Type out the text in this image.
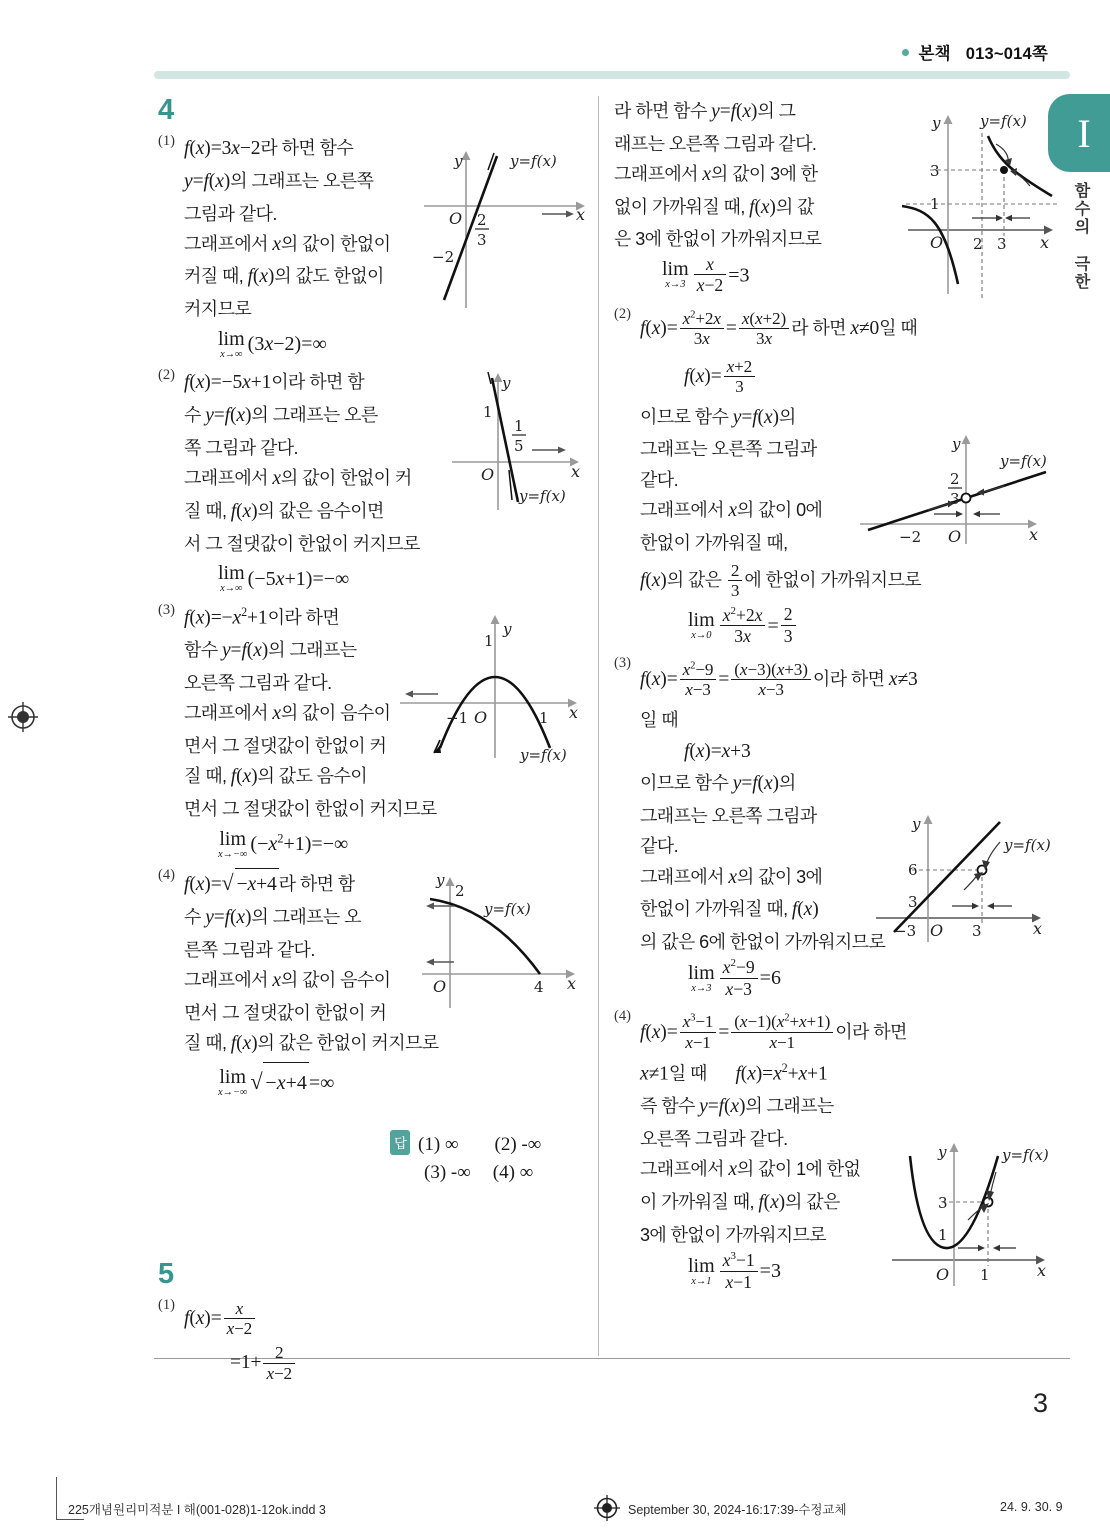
본책 013~014쪽
I
함수의 극한
3
4
(1) f(x)=3x−2라 하면 함수
y=f(x)의 그래프는 오른쪽
그림과 같다.
그래프에서 x의 값이 한없이
커질 때, f(x)의 값도 한없이
커지므로
lim
x→∞ (3x−2)=∞
(2) f(x)=−5x+1이라 하면 함
수 y=f(x)의 그래프는 오른
쪽 그림과 같다.
그래프에서 x의 값이 한없이 커
질 때, f(x)의 값은 음수이면
서 그 절댓값이 한없이 커지므로
lim
x→∞ (−5x+1)=−∞
(3) $f(x)=-x^2+1$이라 하면
함수 y=f(x)의 그래프는
오른쪽 그림과 같다.
그래프에서 x의 값이 음수이
면서 그 절댓값이 한없이 커
질 때, f(x)의 값도 음수이
면서 그 절댓값이 한없이 커지므로
lim
x→−∞ $(-x^2+1)=-\infty$
(4) f(x)= √ −x+4 라 하면 함
수 y=f(x)의 그래프는 오
른쪽 그림과 같다.
그래프에서 x의 값이 음수이
면서 그 절댓값이 한없이 커
질 때, f(x)의 값은 한없이 커지므로
lim
x→−∞ √ −x+4 =∞
답 (1) ∞ (2) -∞
(3) -∞ (4) ∞
5
(1)
$f(x)= \frac{x}{x-2}$
$=1+ \frac{2}{x-2}$
라 하면 함수 y=f(x)의 그
래프는 오른쪽 그림과 같다.
그래프에서 x의 값이 3에 한
없이 가까워질 때, f(x)의 값
은 3에 한없이 가까워지므로
lim
$x\to 3 \frac{x}{x-2} =3$
(2)
$f(x)= \frac{x^2+2x}{3x} = \frac{x(x+2)}{3x}$ 라 하면 x≠0일 때
$f(x)= \frac{x+2}{3}$
이므로 함수 y=f(x)의
그래프는 오른쪽 그림과
같다.
그래프에서 x의 값이 0에
한없이 가까워질 때,
f(x)의 값은 $\frac{2}{3}$ 에 한없이 가까워지므로
lim
$x\to 0 \frac{x^2+2x}{3x} = \frac{2}{3}$
(3)
$f(x)= \frac{x^2-9}{x-3} = \frac{(x-3)(x+3)}{x-3}$ 이라 하면 x≠3
일 때
f(x)=x+3
이므로 함수 y=f(x)의
그래프는 오른쪽 그림과
같다.
그래프에서 x의 값이 3에
한없이 가까워질 때, f(x)
의 값은 6에 한없이 가까워지므로
lim
$x\to 3 \frac{x^2-9}{x-3} =6$
(4)
$f(x)= \frac{x^3-1}{x-1} = \frac{(x-1)(x^2+x+1)}{x-1}$ 이라 하면
x≠1일 때 $f(x)=x^2+x+1$
즉 함수 y=f(x)의 그래프는
오른쪽 그림과 같다.
그래프에서 x의 값이 1에 한없
이 가까워질 때, f(x)의 값은
3에 한없이 가까워지므로
lim
$x\to 1 \frac{x^3-1}{x-1} =3$
O
y
x
y=f(x)
2
3
−2
1
O
y
x
y=f(x)
1
5
1
y
x
−1 O	1
y=f(x)
2
y
O	4 x
y=f(x)
3
1
O 2 3
y
x
y=f(x)
2
3
y
x
−2 O
y=f(x)
6
3
y
x
−3 O 3
y=f(x)
3
1
y
x
O 1
y=f(x)
225개념원리미적분 I 해(001-028)1-12ok.indd 3	September 30, 2024-16:17:39-수정교체	24. 9. 30. 9
